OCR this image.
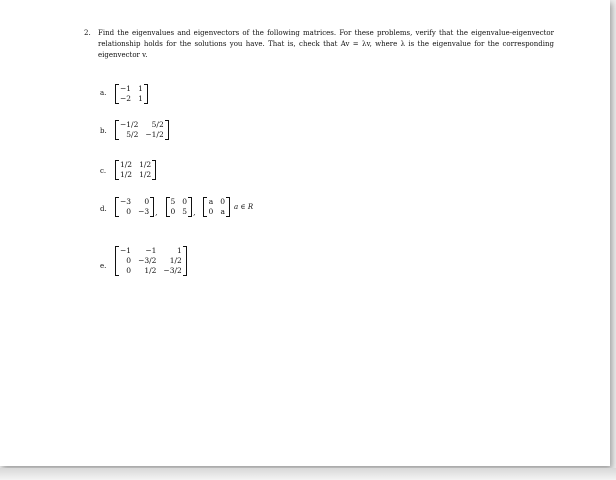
2. Find the eigenvalues and eigenvectors of the following matrices. For these problems, verify that the eigenvalue-eigenvector relationship holds for the solutions you have. That is, check that Av = λv, where λ is the eigenvalue for the corresponding eigenvector v.
a. −1 1
−2 1
b.
−1/2	5/2
5/2 −1/2
c.
1/2 1/2
1/2 1/2
d.
−3	0
0 −3 ,
5 0
0 5 ,
a 0
0 a a ∈ R
e.
−1	−1	1
0 −3/2	1/2
0	1/2 −3/2
